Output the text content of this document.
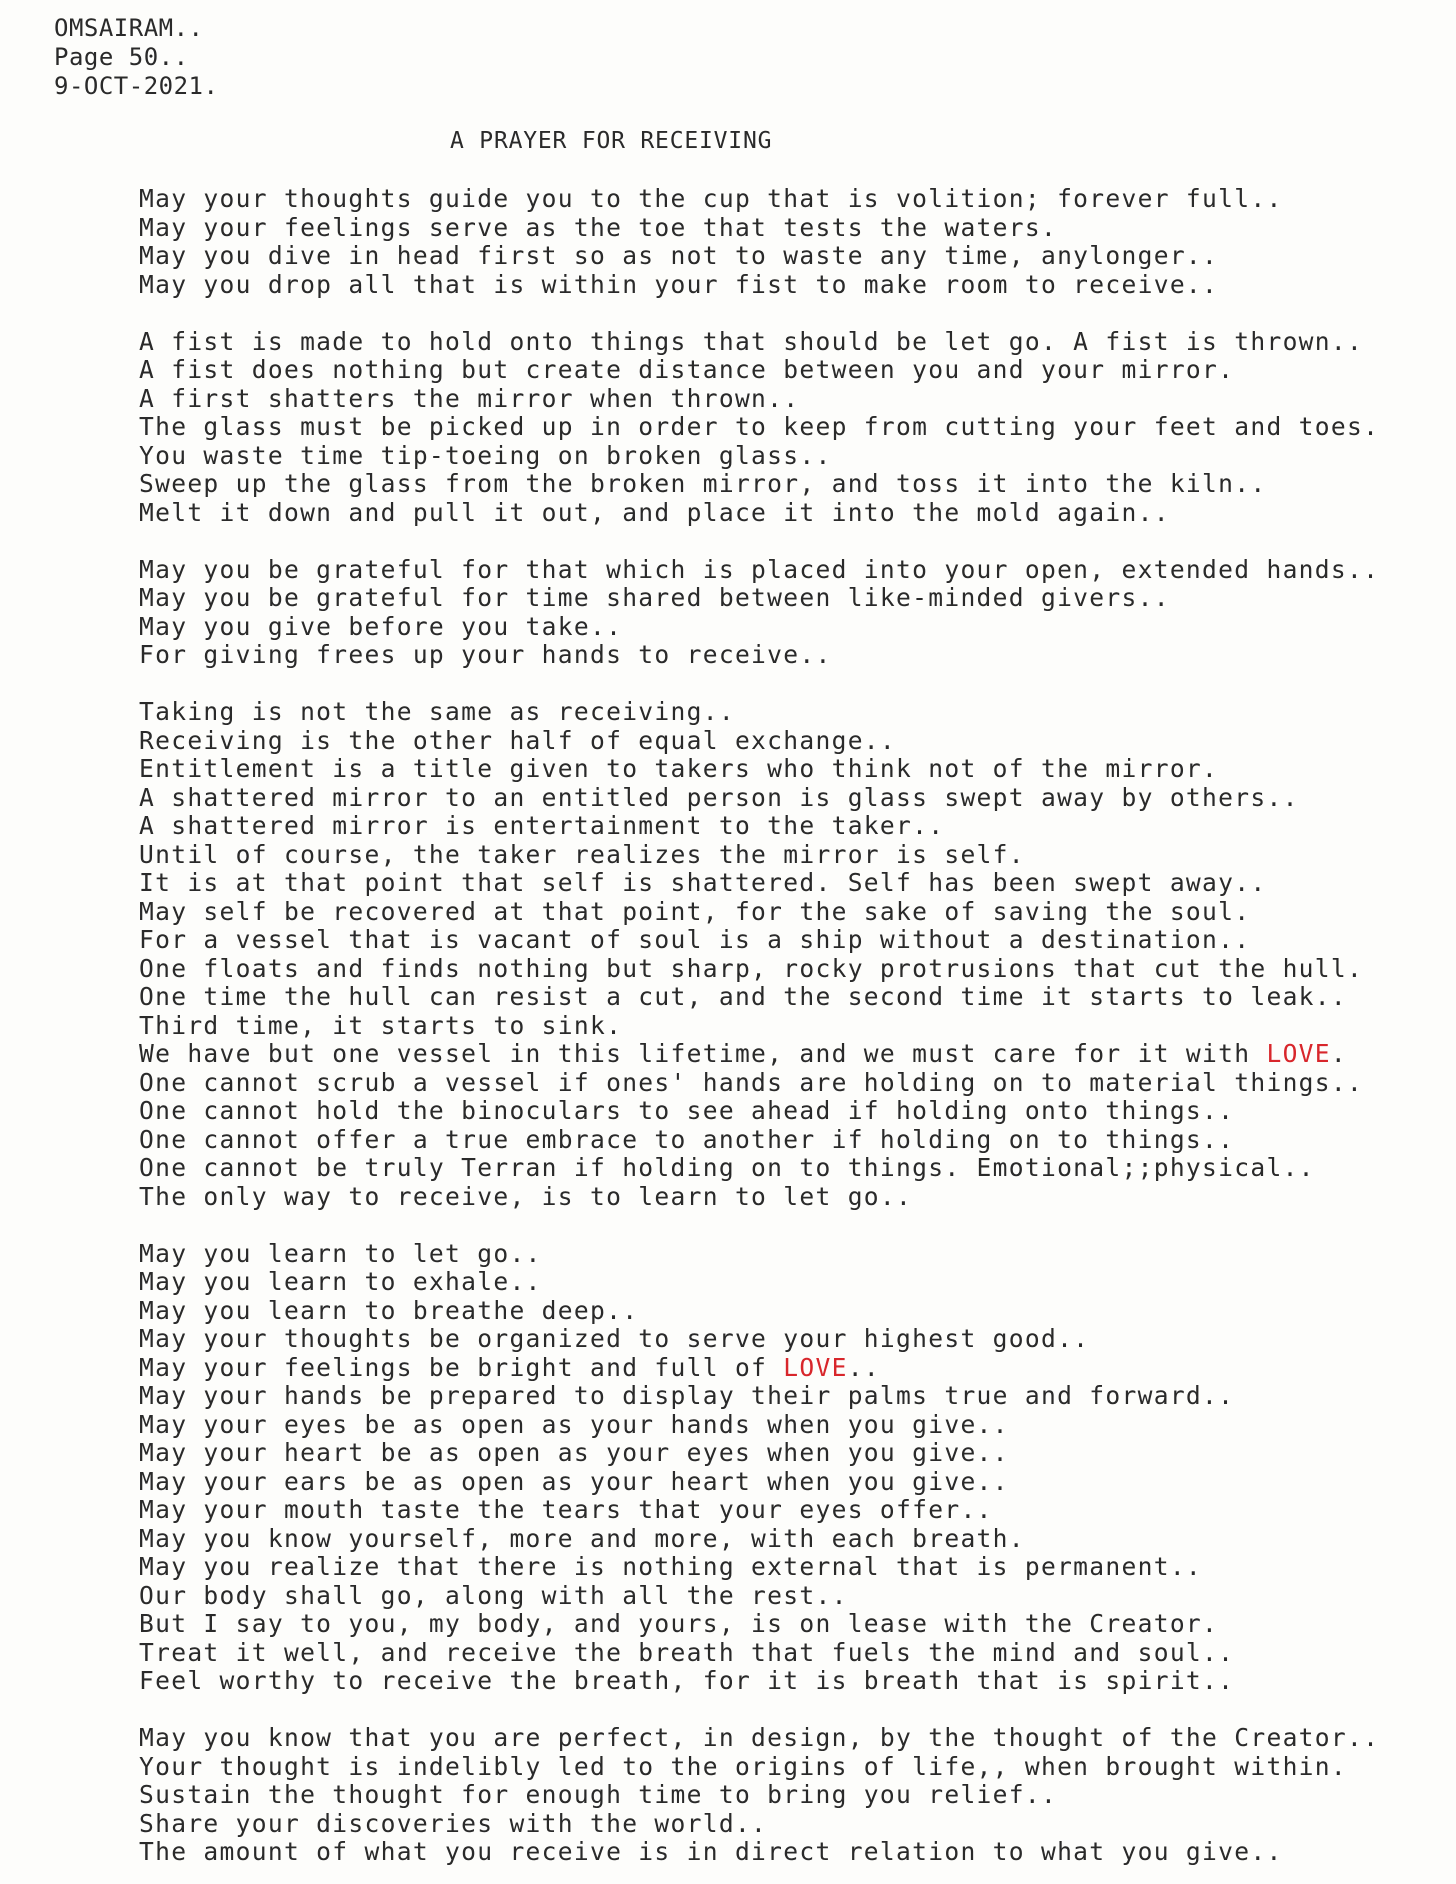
OMSAIRAM..
Page 50..
9-OCT-2021.
A PRAYER FOR RECEIVING
May your thoughts guide you to the cup that is volition; forever full..
May your feelings serve as the toe that tests the waters.
May you dive in head first so as not to waste any time, anylonger..
May you drop all that is within your fist to make room to receive..
A fist is made to hold onto things that should be let go. A fist is thrown..
A fist does nothing but create distance between you and your mirror.
A first shatters the mirror when thrown..
The glass must be picked up in order to keep from cutting your feet and toes.
You waste time tip-toeing on broken glass..
Sweep up the glass from the broken mirror, and toss it into the kiln..
Melt it down and pull it out, and place it into the mold again..
May you be grateful for that which is placed into your open, extended hands..
May you be grateful for time shared between like-minded givers..
May you give before you take..
For giving frees up your hands to receive..
Taking is not the same as receiving..
Receiving is the other half of equal exchange..
Entitlement is a title given to takers who think not of the mirror.
A shattered mirror to an entitled person is glass swept away by others..
A shattered mirror is entertainment to the taker..
Until of course, the taker realizes the mirror is self.
It is at that point that self is shattered. Self has been swept away..
May self be recovered at that point, for the sake of saving the soul.
For a vessel that is vacant of soul is a ship without a destination..
One floats and finds nothing but sharp, rocky protrusions that cut the hull.
One time the hull can resist a cut, and the second time it starts to leak..
Third time, it starts to sink.
We have but one vessel in this lifetime, and we must care for it with LOVE.
One cannot scrub a vessel if ones' hands are holding on to material things..
One cannot hold the binoculars to see ahead if holding onto things..
One cannot offer a true embrace to another if holding on to things..
One cannot be truly Terran if holding on to things. Emotional;;physical..
The only way to receive, is to learn to let go..
May you learn to let go..
May you learn to exhale..
May you learn to breathe deep..
May your thoughts be organized to serve your highest good..
May your feelings be bright and full of LOVE..
May your hands be prepared to display their palms true and forward..
May your eyes be as open as your hands when you give..
May your heart be as open as your eyes when you give..
May your ears be as open as your heart when you give..
May your mouth taste the tears that your eyes offer..
May you know yourself, more and more, with each breath.
May you realize that there is nothing external that is permanent..
Our body shall go, along with all the rest..
But I say to you, my body, and yours, is on lease with the Creator.
Treat it well, and receive the breath that fuels the mind and soul..
Feel worthy to receive the breath, for it is breath that is spirit..
May you know that you are perfect, in design, by the thought of the Creator..
Your thought is indelibly led to the origins of life,, when brought within.
Sustain the thought for enough time to bring you relief..
Share your discoveries with the world..
The amount of what you receive is in direct relation to what you give..
